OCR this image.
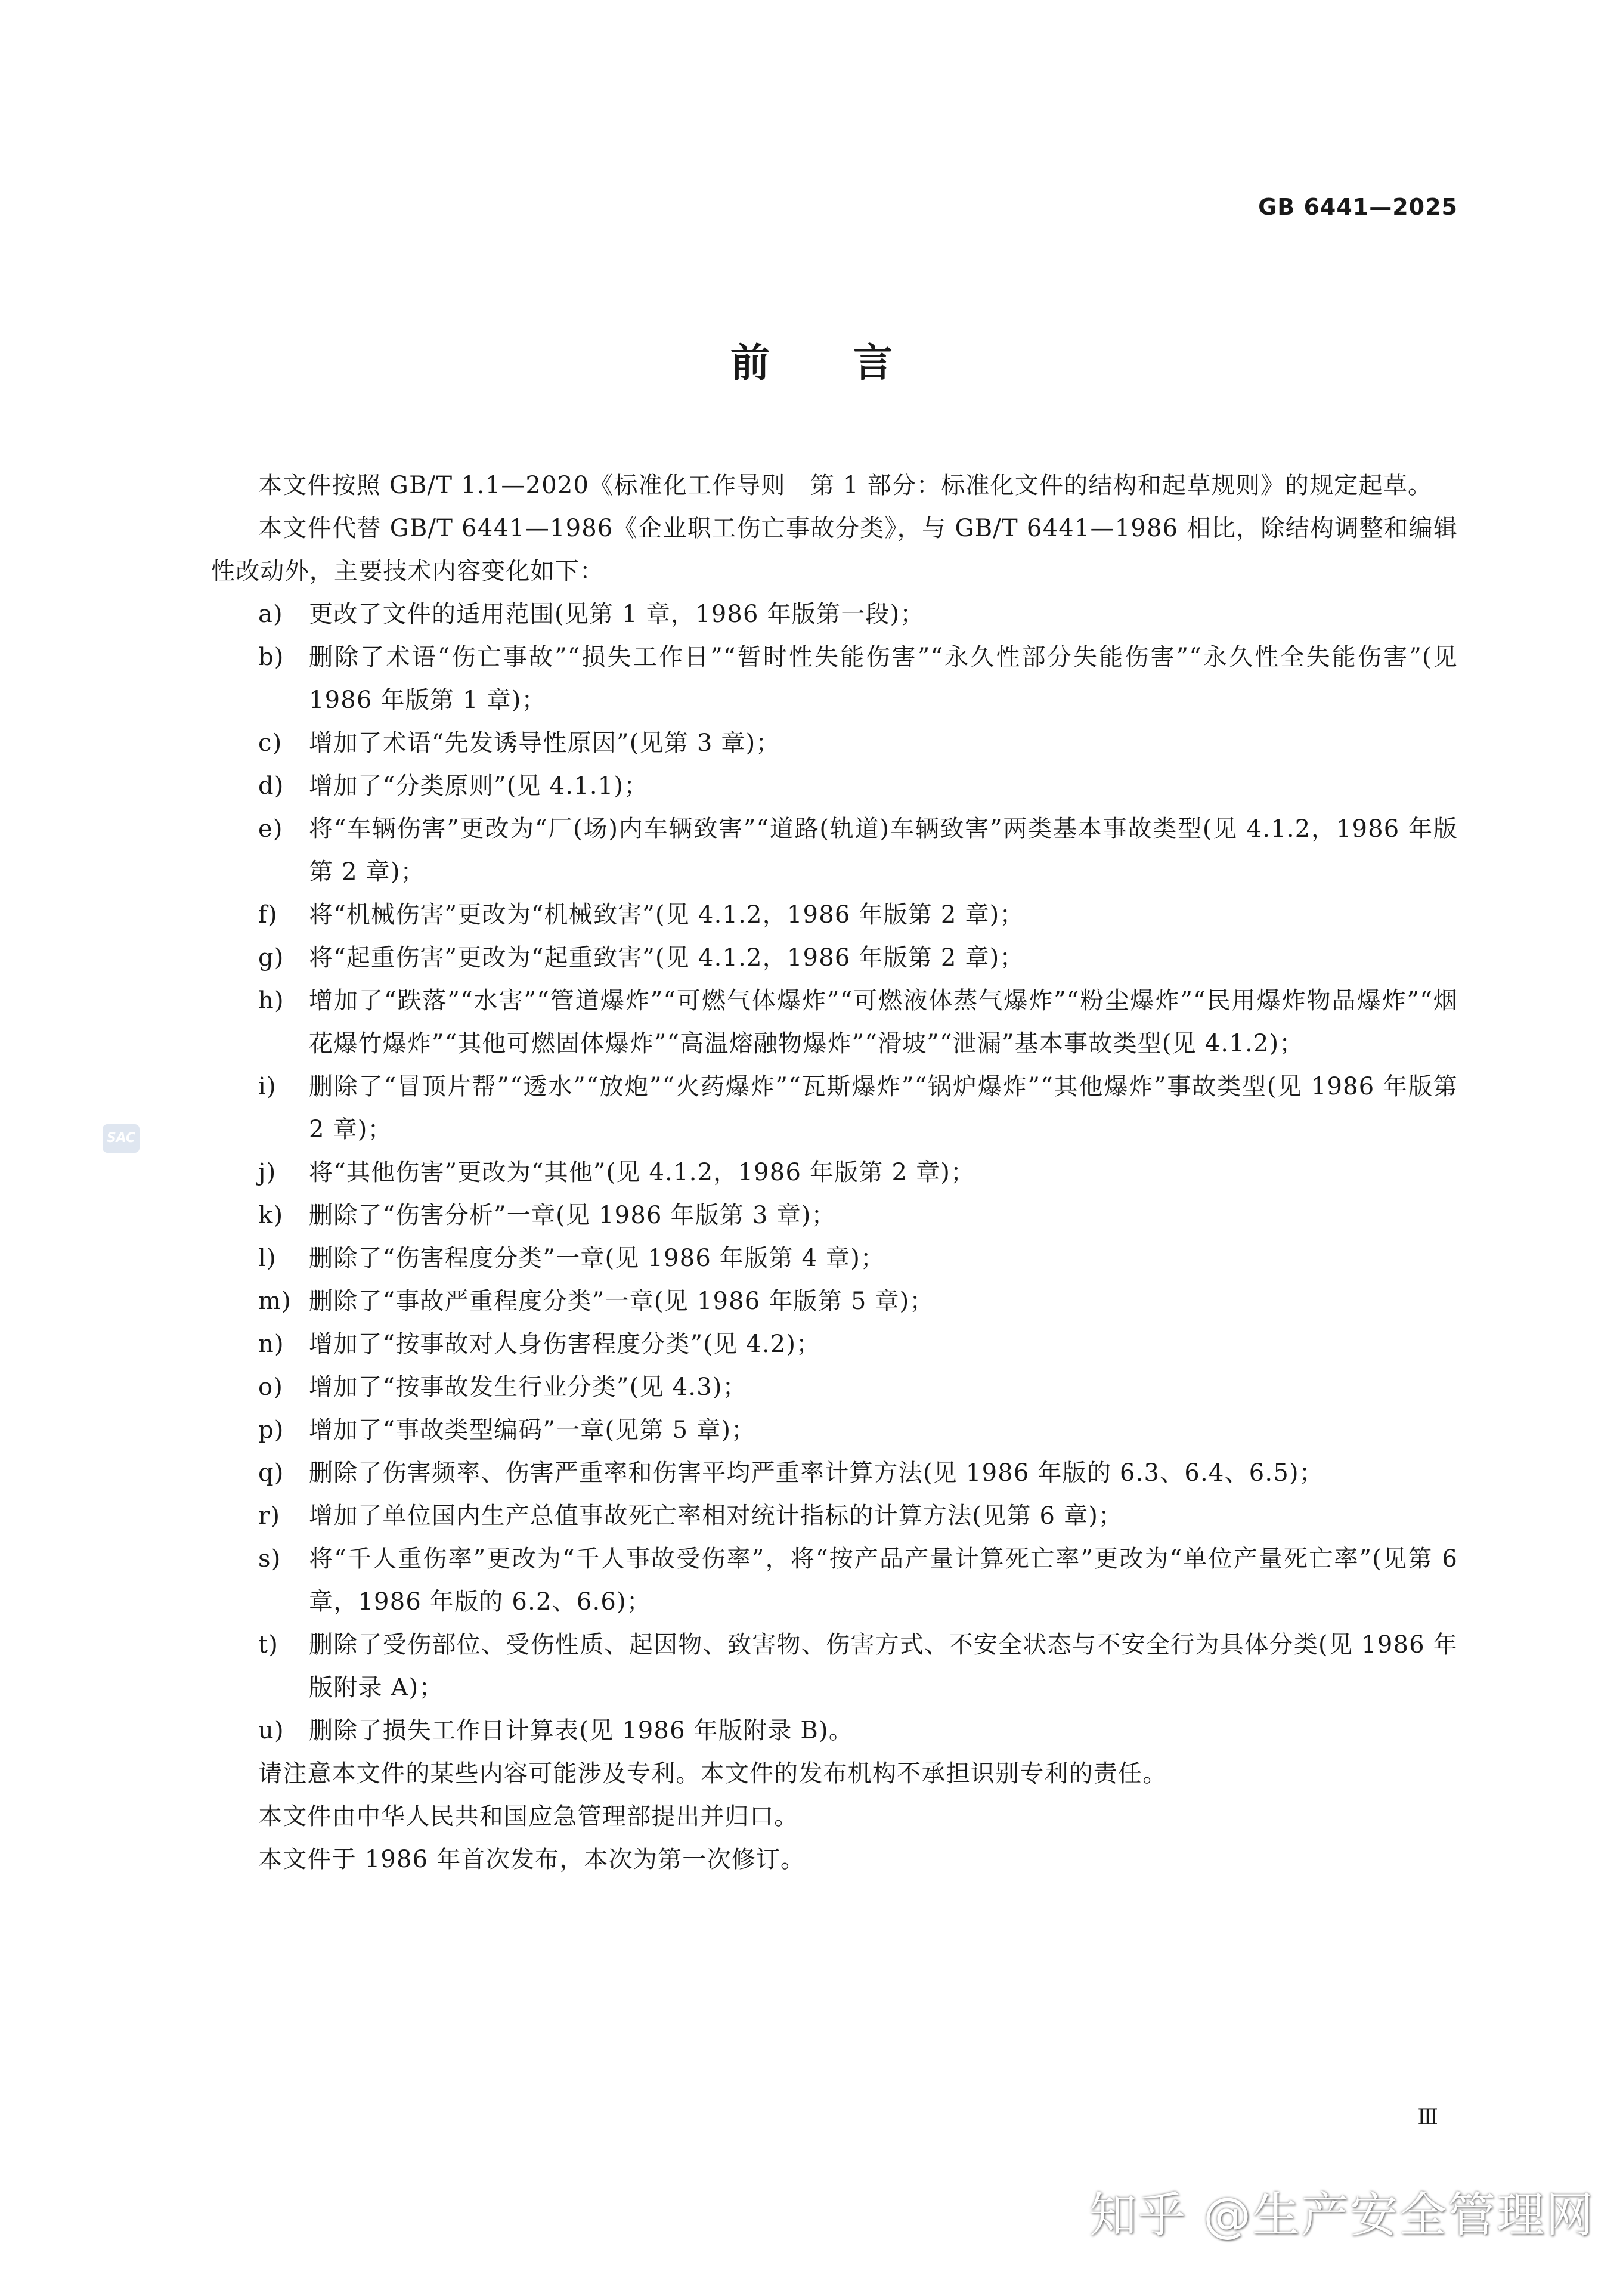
GB 6441—2025
前言
SAC

本文件按照 GB/T 1.1—2020《标准化工作导则　第 1 部分：标准化文件的结构和起草规则》的规定起草。

本文件代替 GB/T 6441—1986《企业职工伤亡事故分类》，与 GB/T 6441—1986 相比，除结构调整和编辑性改动外，主要技术内容变化如下：

a)	更改了文件的适用范围(见第 1 章，1986 年版第一段)；
b)	删除了术语“伤亡事故”“损失工作日”“暂时性失能伤害”“永久性部分失能伤害”“永久性全失能伤害”(见 1986 年版第 1 章)；
c)	增加了术语“先发诱导性原因”(见第 3 章)；
d)	增加了“分类原则”(见 4.1.1)；
e)	将“车辆伤害”更改为“厂(场)内车辆致害”“道路(轨道)车辆致害”两类基本事故类型(见 4.1.2，1986 年版第 2 章)；
f)	将“机械伤害”更改为“机械致害”(见 4.1.2，1986 年版第 2 章)；
g)	将“起重伤害”更改为“起重致害”(见 4.1.2，1986 年版第 2 章)；
h)	增加了“跌落”“水害”“管道爆炸”“可燃气体爆炸”“可燃液体蒸气爆炸”“粉尘爆炸”“民用爆炸物品爆炸”“烟花爆竹爆炸”“其他可燃固体爆炸”“高温熔融物爆炸”“滑坡”“泄漏”基本事故类型(见 4.1.2)；
i)	删除了“冒顶片帮”“透水”“放炮”“火药爆炸”“瓦斯爆炸”“锅炉爆炸”“其他爆炸”事故类型(见 1986 年版第 2 章)；
j)	将“其他伤害”更改为“其他”(见 4.1.2，1986 年版第 2 章)；
k)	删除了“伤害分析”一章(见 1986 年版第 3 章)；
l)	删除了“伤害程度分类”一章(见 1986 年版第 4 章)；
m) 删除了“事故严重程度分类”一章(见 1986 年版第 5 章)；
n)	增加了“按事故对人身伤害程度分类”(见 4.2)；
o)	增加了“按事故发生行业分类”(见 4.3)；
p)	增加了“事故类型编码”一章(见第 5 章)；
q)	删除了伤害频率、伤害严重率和伤害平均严重率计算方法(见 1986 年版的 6.3、6.4、6.5)；
r)	增加了单位国内生产总值事故死亡率相对统计指标的计算方法(见第 6 章)；
s)	将“千人重伤率”更改为“千人事故受伤率”，将“按产品产量计算死亡率”更改为“单位产量死亡率”(见第 6 章，1986 年版的 6.2、6.6)；
t)	删除了受伤部位、受伤性质、起因物、致害物、伤害方式、不安全状态与不安全行为具体分类(见 1986 年版附录 A)；
u)	删除了损失工作日计算表(见 1986 年版附录 B)。

请注意本文件的某些内容可能涉及专利。本文件的发布机构不承担识别专利的责任。

本文件由中华人民共和国应急管理部提出并归口。

本文件于 1986 年首次发布，本次为第一次修订。

Ⅲ
知乎 @生产安全管理网
